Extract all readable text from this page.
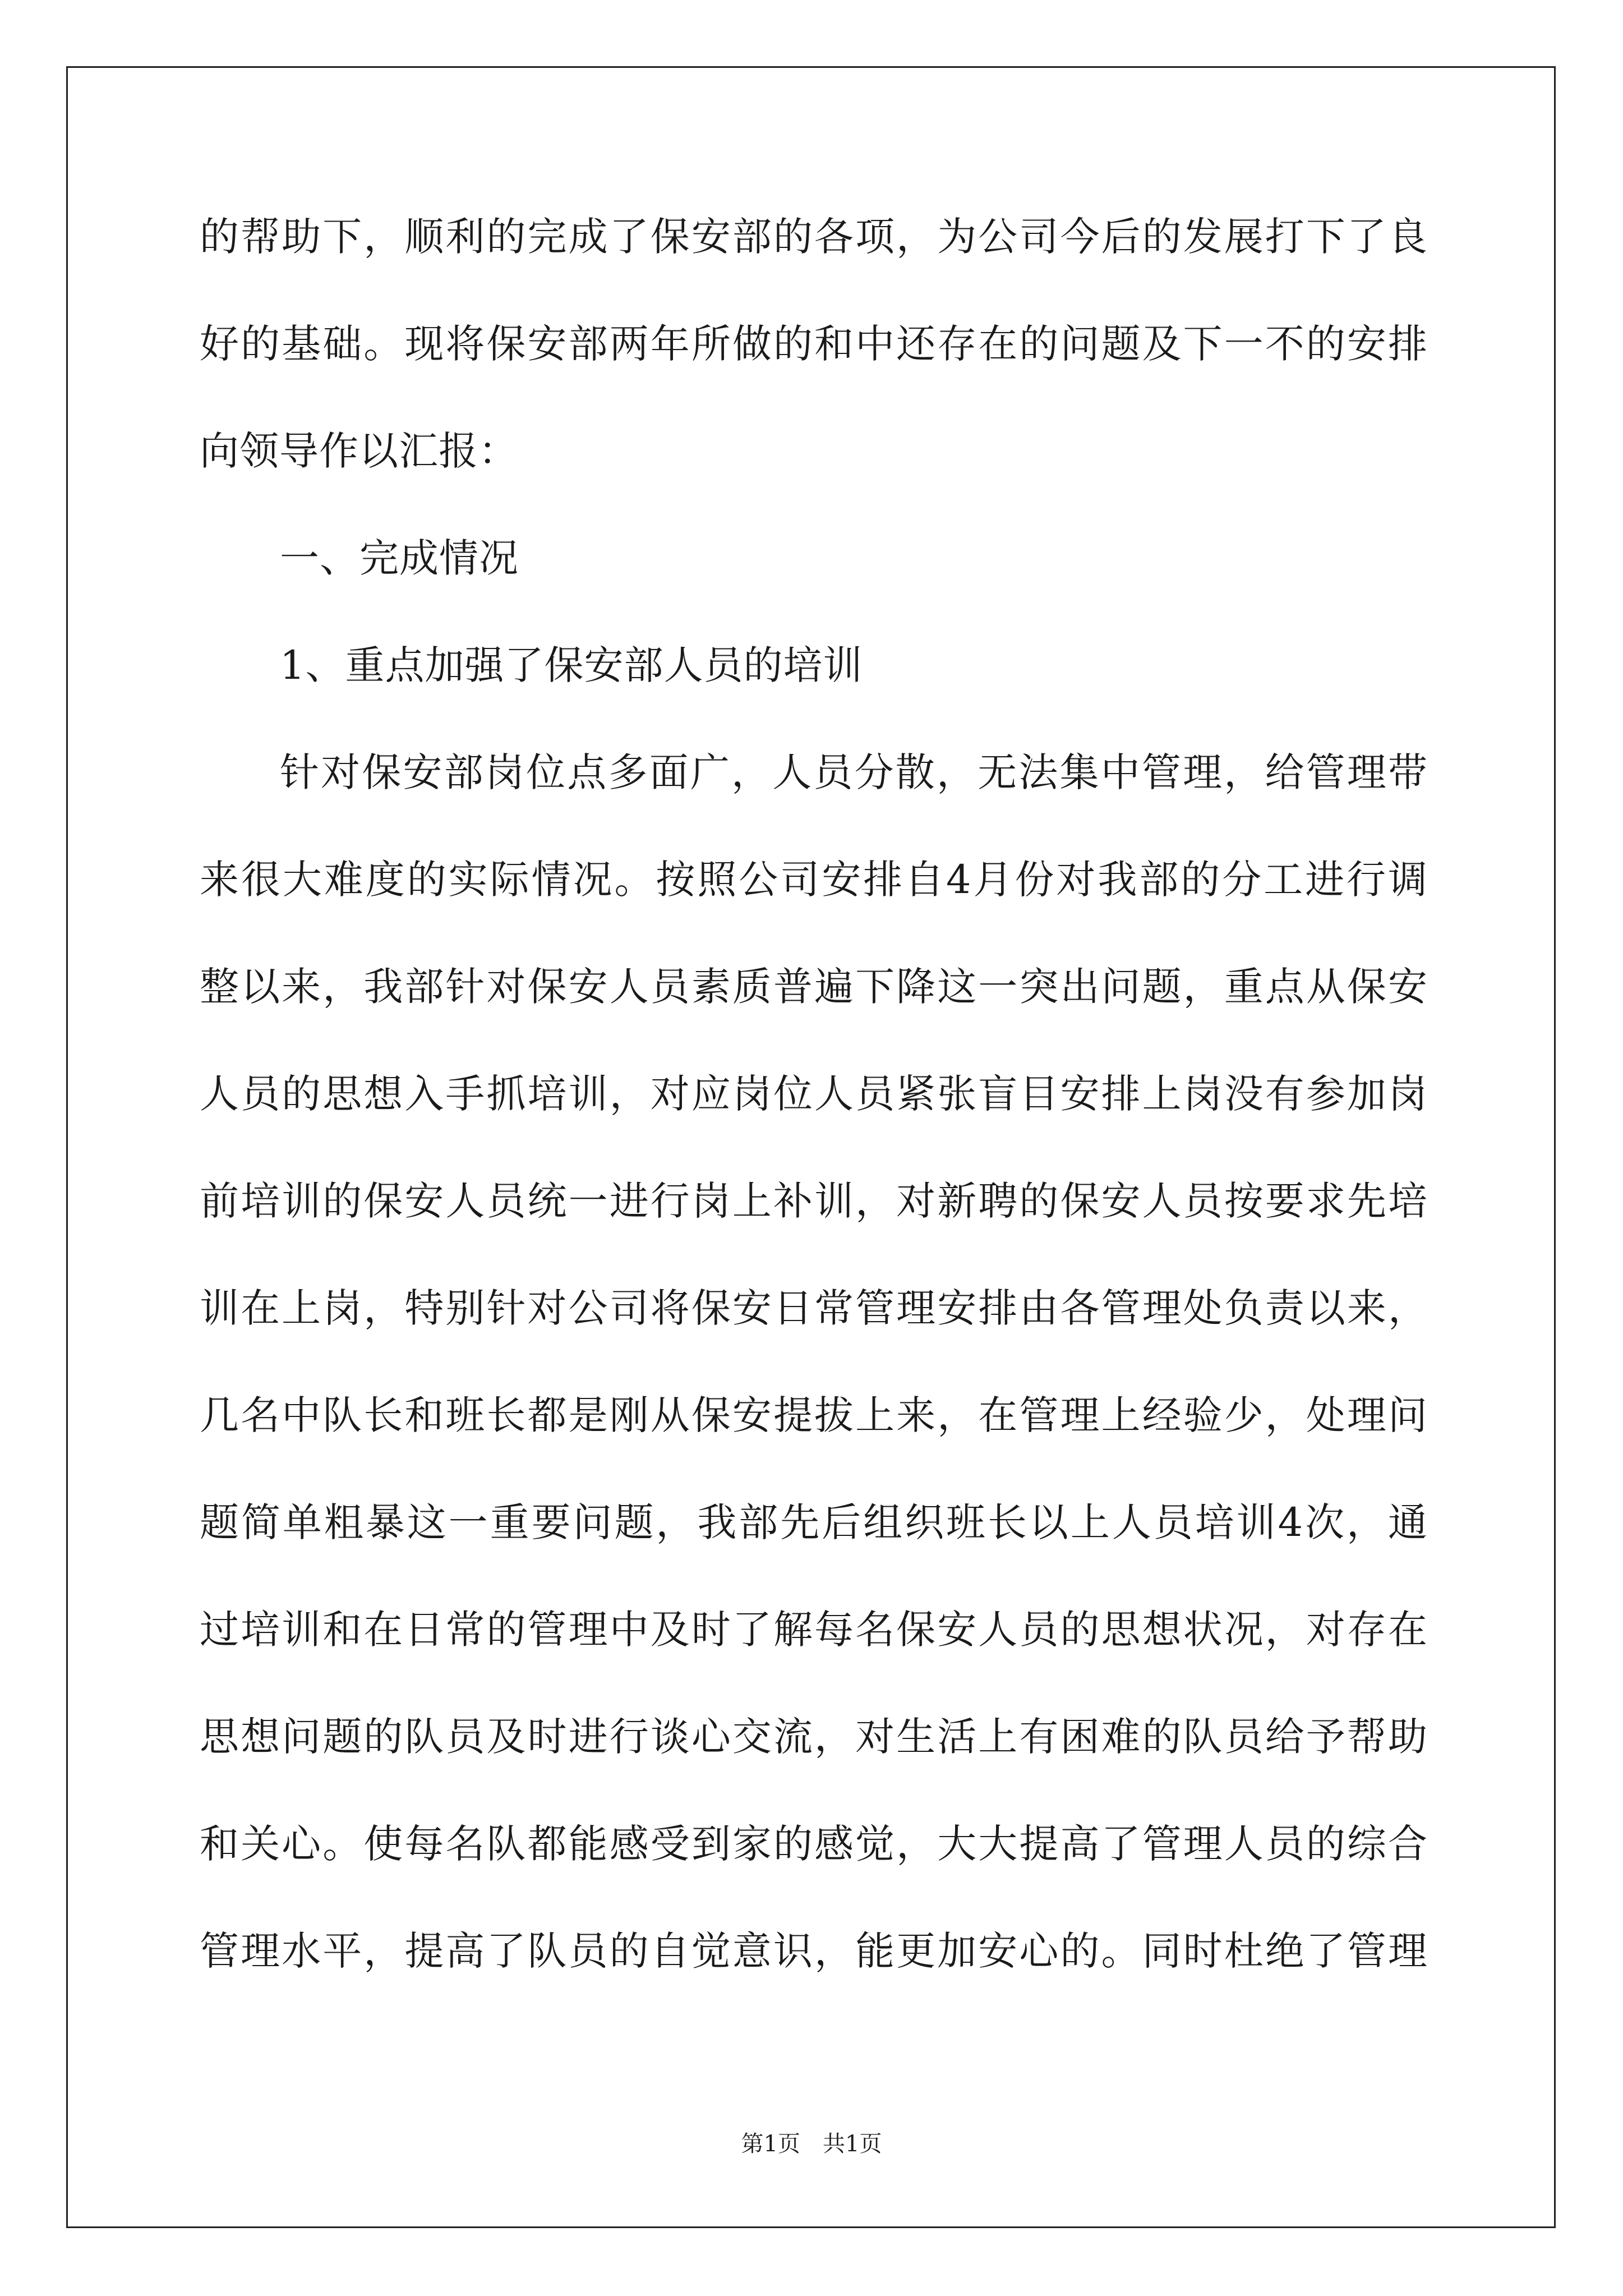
的帮助下，顺利的完成了保安部的各项，为公司今后的发展打下了良
好的基础。现将保安部两年所做的和中还存在的问题及下一不的安排
向领导作以汇报：
一、完成情况
1、重点加强了保安部人员的培训
针对保安部岗位点多面广，人员分散，无法集中管理，给管理带
来很大难度的实际情况。按照公司安排自4月份对我部的分工进行调
整以来，我部针对保安人员素质普遍下降这一突出问题，重点从保安
人员的思想入手抓培训，对应岗位人员紧张盲目安排上岗没有参加岗
前培训的保安人员统一进行岗上补训，对新聘的保安人员按要求先培
训在上岗，特别针对公司将保安日常管理安排由各管理处负责以来，
几名中队长和班长都是刚从保安提拔上来，在管理上经验少，处理问
题简单粗暴这一重要问题，我部先后组织班长以上人员培训4次，通
过培训和在日常的管理中及时了解每名保安人员的思想状况，对存在
思想问题的队员及时进行谈心交流，对生活上有困难的队员给予帮助
和关心。使每名队都能感受到家的感觉，大大提高了管理人员的综合
管理水平，提高了队员的自觉意识，能更加安心的。同时杜绝了管理
第1页　共1页
